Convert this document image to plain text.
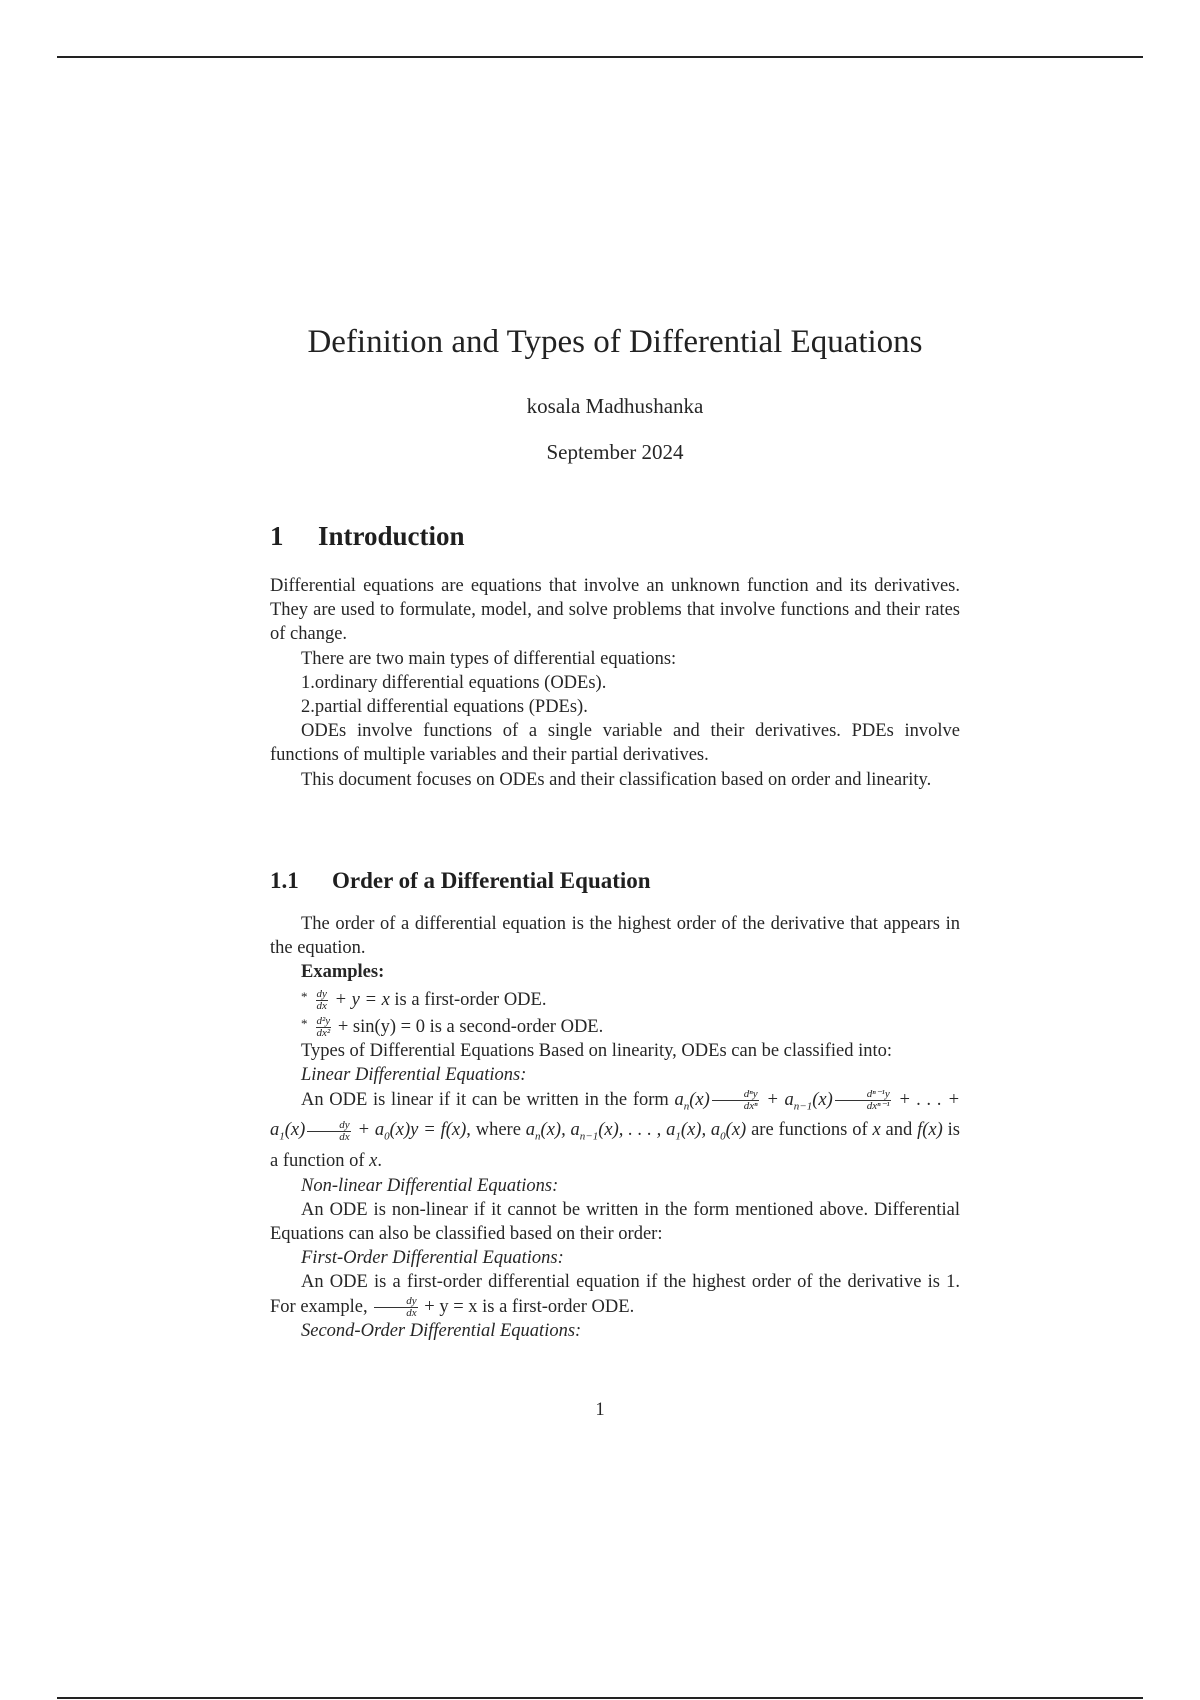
Definition and Types of Differential Equations
kosala Madhushanka
September 2024
1 Introduction

Differential equations are equations that involve an unknown function and its derivatives. They are used to formulate, model, and solve problems that involve functions and their rates of change.

There are two main types of differential equations:

1.ordinary differential equations (ODEs).

2.partial differential equations (PDEs).

ODEs involve functions of a single variable and their derivatives. PDEs involve functions of multiple variables and their partial derivatives.

This document focuses on ODEs and their classification based on order and linearity.

1.1 Order of a Differential Equation

The order of a differential equation is the highest order of the derivative that appears in the equation.

Examples:

$^* \frac{dy}{dx} + y = x$ is a first-order ODE.

$^* \frac{\text{d²y}}{\text{dx²}} + \sin(y) = 0$ is a second-order ODE.

Types of Differential Equations Based on linearity, ODEs can be classified into:

Linear Differential Equations:

An ODE is linear if it can be written in the form $a_n(x) \frac{\text{dⁿy}}{\text{dxⁿ}} + a_{n-1}(x) \frac{\text{dⁿ⁻¹y}}{\text{dxⁿ⁻¹}}$ + . . . + $a_1(x) \frac{dy}{dx} + a_0(x)y = f(x)$, where $a_n(x)$, $a_{n-1}(x)$, . . . , $a_1(x)$, $a_0(x)$ are functions of x and f(x) is a function of x.

Non-linear Differential Equations:

An ODE is non-linear if it cannot be written in the form mentioned above. Differential Equations can also be classified based on their order:

First-Order Differential Equations:

An ODE is a first-order differential equation if the highest order of the derivative is 1. For example, $\frac{dy}{dx} + y = x$ is a first-order ODE.

Second-Order Differential Equations:

1
